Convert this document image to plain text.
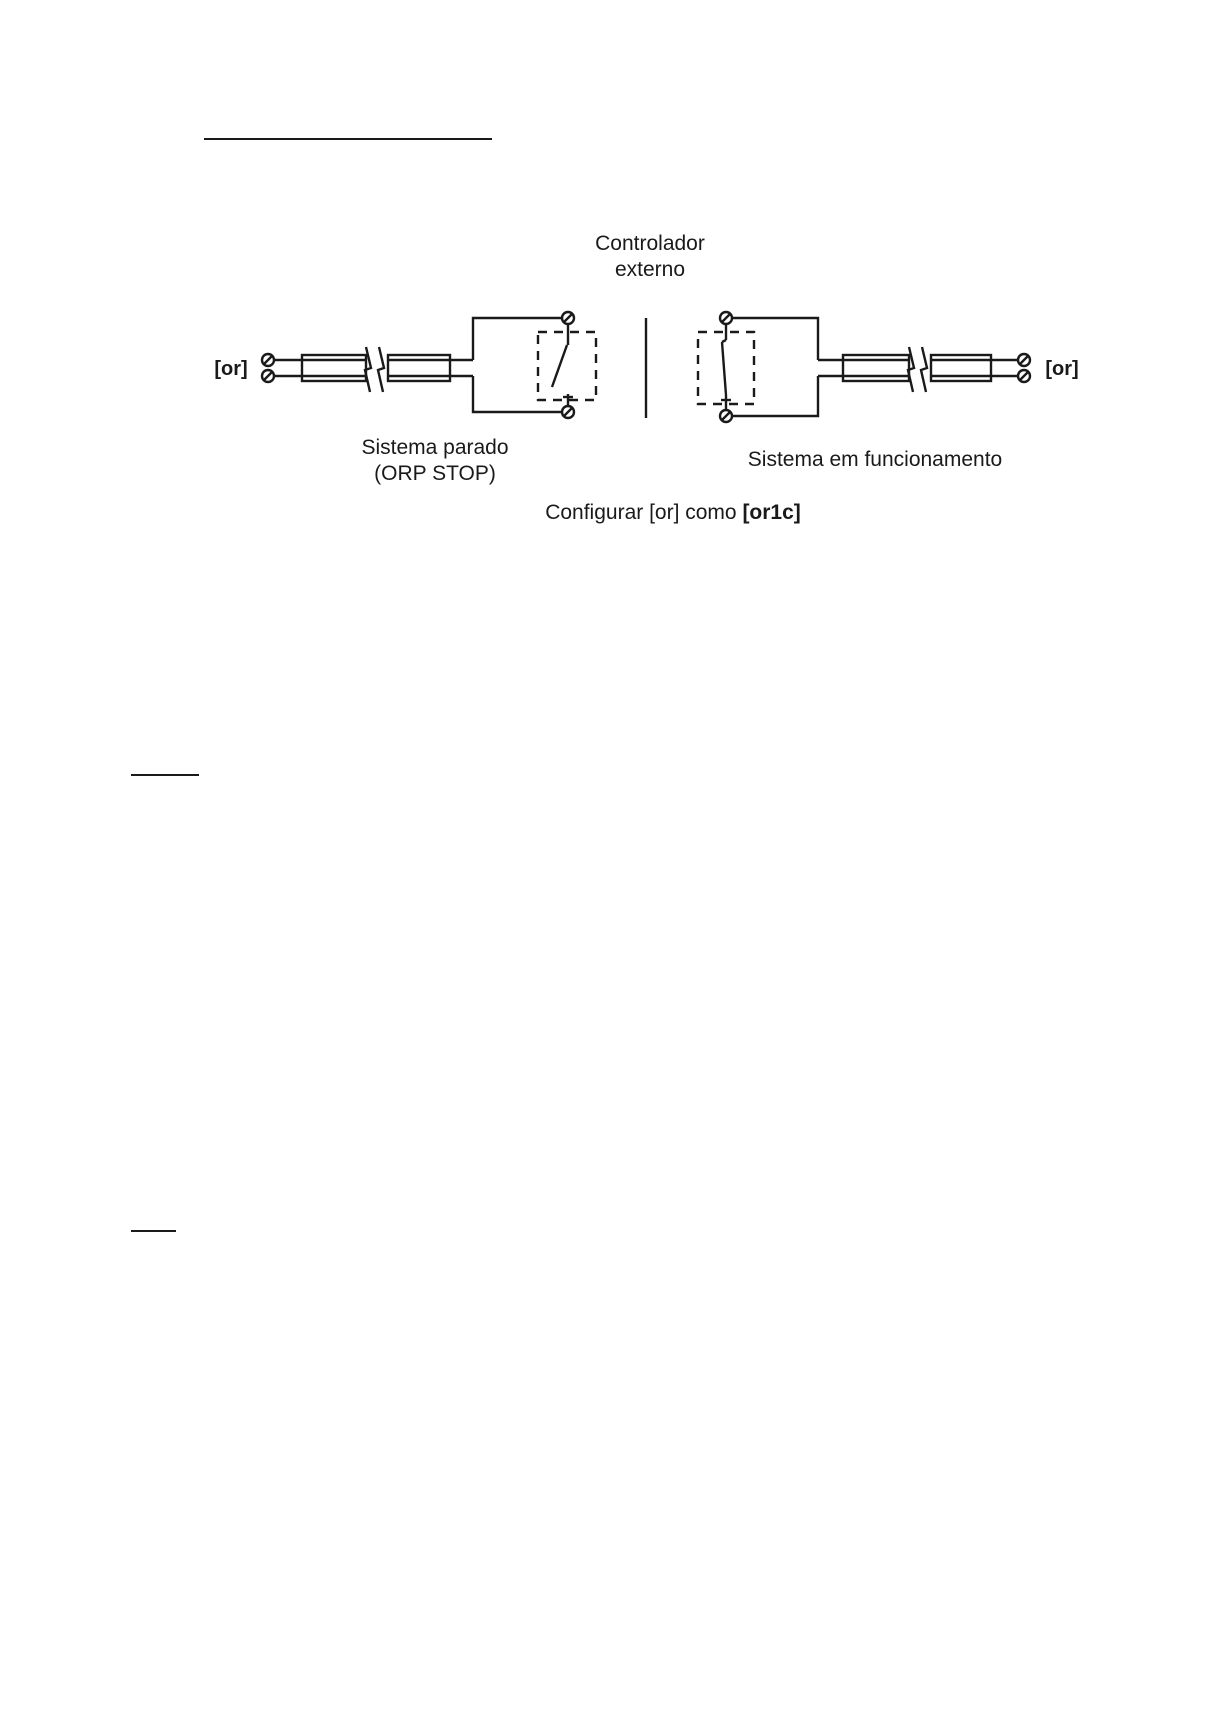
Controlador
externo
[or]	[or]
Sistema parado
(ORP STOP)
Sistema em funcionamento
Configurar [or] como [or1c]
